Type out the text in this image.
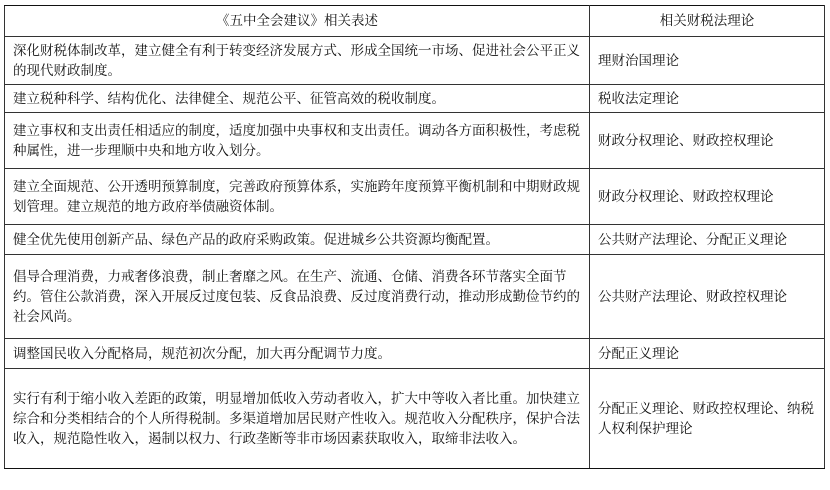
《五中全会建议》相关表述	相关财税法理论
深化财税体制改革，建立健全有利于转变经济发展方式、形成全国统一市场、促进社会公平正义的现代财政制度。	理财治国理论
建立税种科学、结构优化、法律健全、规范公平、征管高效的税收制度。	税收法定理论
建立事权和支出责任相适应的制度，适度加强中央事权和支出责任。调动各方面积极性，考虑税种属性，进一步理顺中央和地方收入划分。	财政分权理论、财政控权理论
建立全面规范、公开透明预算制度，完善政府预算体系，实施跨年度预算平衡机制和中期财政规划管理。建立规范的地方政府举债融资体制。	财政分权理论、财政控权理论
健全优先使用创新产品、绿色产品的政府采购政策。促进城乡公共资源均衡配置。	公共财产法理论、分配正义理论
倡导合理消费，力戒奢侈浪费，制止奢靡之风。在生产、流通、仓储、消费各环节落实全面节约。管住公款消费，深入开展反过度包装、反食品浪费、反过度消费行动，推动形成勤俭节约的社会风尚。	公共财产法理论、财政控权理论
调整国民收入分配格局，规范初次分配，加大再分配调节力度。	分配正义理论
实行有利于缩小收入差距的政策，明显增加低收入劳动者收入，扩大中等收入者比重。加快建立综合和分类相结合的个人所得税制。多渠道增加居民财产性收入。规范收入分配秩序，保护合法收入，规范隐性收入，遏制以权力、行政垄断等非市场因素获取收入，取缔非法收入。	分配正义理论、财政控权理论、纳税人权利保护理论
